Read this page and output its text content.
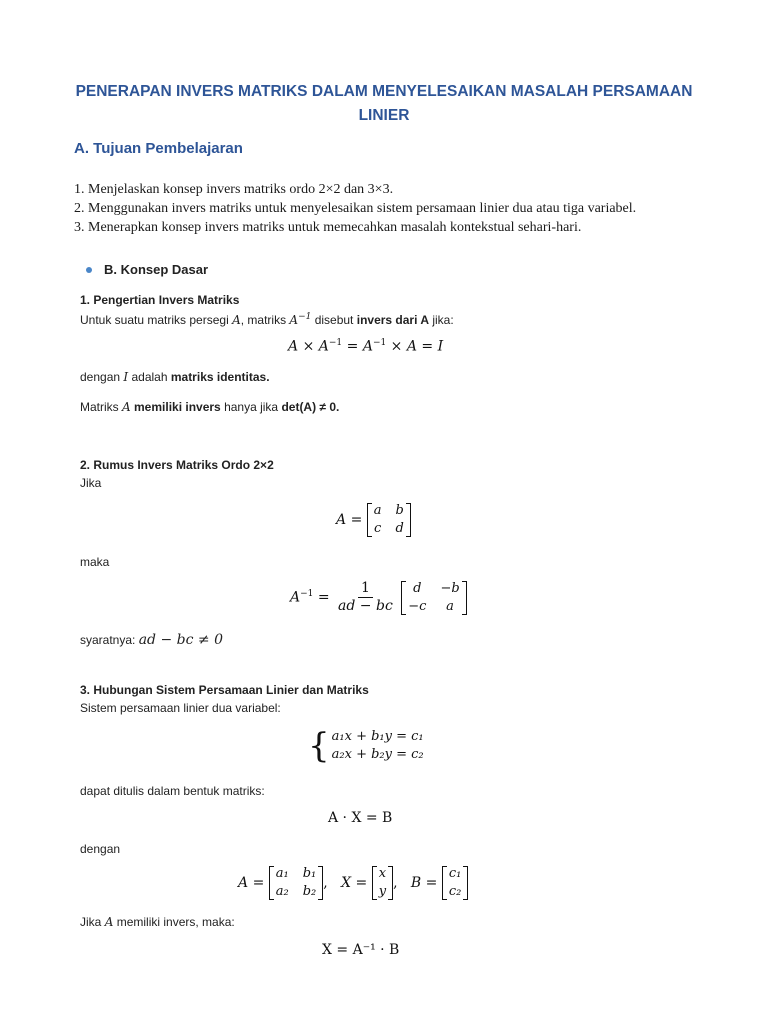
PENERAPAN INVERS MATRIKS DALAM MENYELESAIKAN MASALAH PERSAMAAN LINIER
A. Tujuan Pembelajaran
1. Menjelaskan konsep invers matriks ordo 2×2 dan 3×3.
2. Menggunakan invers matriks untuk menyelesaikan sistem persamaan linier dua atau tiga variabel.
3. Menerapkan konsep invers matriks untuk memecahkan masalah kontekstual sehari-hari.
B. Konsep Dasar
1. Pengertian Invers Matriks
Untuk suatu matriks persegi A, matriks $A^{-1}$ disebut invers dari A jika:
$A \times A^{-1} = A^{-1} \times A = I$
dengan I adalah matriks identitas.
Matriks A memiliki invers hanya jika det(A) ≠ 0.
2. Rumus Invers Matriks Ordo 2×2
Jika
A =
a b
c d
maka
$A^{-1} = \frac{1}{ad - bc}$
	d	−b
−c	a
syaratnya: ad − bc ≠ 0
3. Hubungan Sistem Persamaan Linier dan Matriks
Sistem persamaan linier dua variabel:
{ a₁x + b₁y = c₁
a₂x + b₂y = c₂
dapat ditulis dalam bentuk matriks:
A · X = B
dengan
A =
a₁ b₁
a₂ b₂
,   X =
x
y
,   B =
c₁
c₂
Jika A memiliki invers, maka:
X = A⁻¹ · B
